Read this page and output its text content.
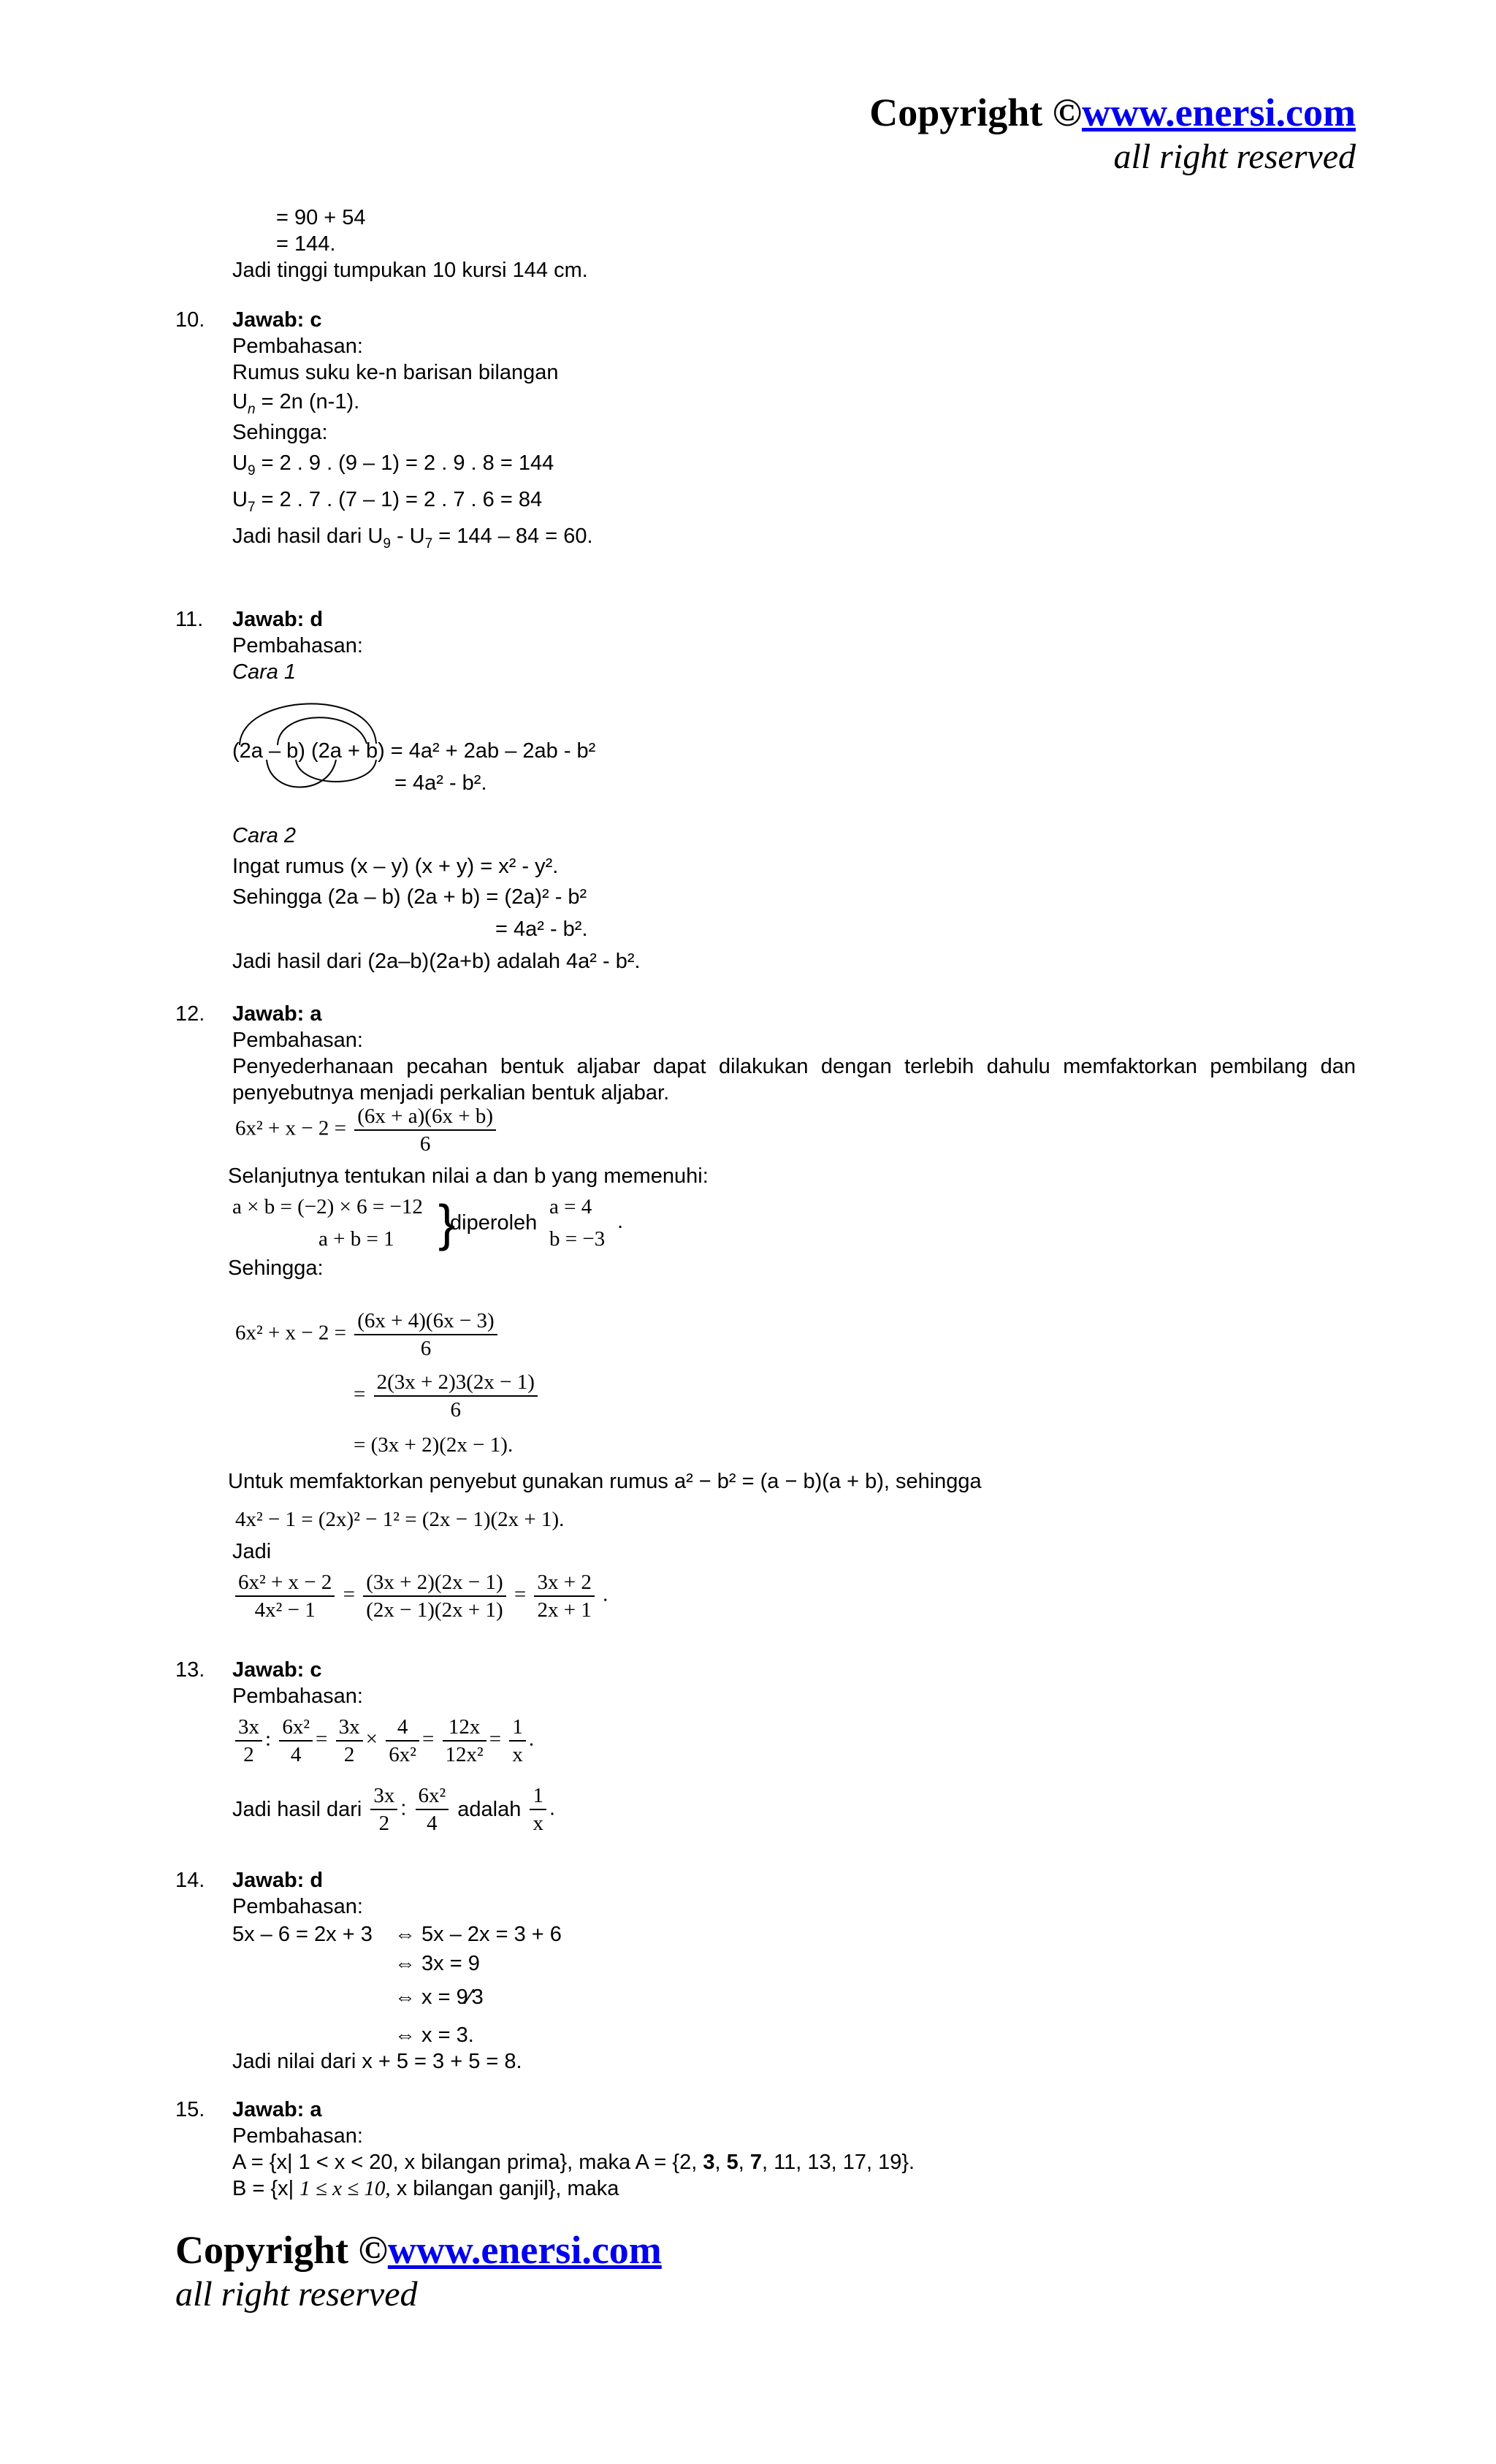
Copyright ©www.enersi.com
all right reserved
= 90 + 54
= 144.
Jadi tinggi tumpukan 10 kursi 144 cm.
10. Jawab: c
Pembahasan:
Rumus suku ke-n barisan bilangan
$U_n = 2n$ (n-1).
Sehingga:
$U_9 = 2$ . 9 . (9 – 1) = 2 . 9 . 8 = 144
$U_7 = 2$ . 7 . (7 – 1) = 2 . 7 . 6 = 84
Jadi hasil dari $U_9 - U_7 = 144 - 84 = 60$.
11. Jawab: d
Pembahasan:
Cara 1
(2a – b) (2a + b) = 4a² + 2ab – 2ab - b²
= 4a² - b².
Cara 2
Ingat rumus (x – y) (x + y) = x² - y².
Sehingga (2a – b) (2a + b) = (2a)² - b²
= 4a² - b².
Jadi hasil dari (2a–b)(2a+b) adalah 4a² - b².
12. Jawab: a
Pembahasan:
Penyederhanaan pecahan bentuk aljabar dapat dilakukan dengan terlebih dahulu memfaktorkan pembilang dan penyebutnya menjadi perkalian bentuk aljabar.
$6x^2 + x - 2 = \frac{(6x + a)(6x + b)}{6}$
Selanjutnya tentukan nilai a dan b yang memenuhi:
a × b = (−2) × 6 = −12
a + b = 1 }
diperoleh
a = 4
b = −3
.
Sehingga:
$6x^2 + x - 2 = \frac{(6x + 4)(6x - 3)}{6}$
= $\frac{2(3x + 2)3(2x - 1)}{6}$
= (3x + 2)(2x − 1).
Untuk memfaktorkan penyebut gunakan rumus a² − b² = (a − b)(a + b), sehingga
4x² − 1 = (2x)² − 1² = (2x − 1)(2x + 1).
Jadi
$\frac{\text{6x² + x − 2}}{\text{4x² − 1}} = \frac{(3x + 2)(2x - 1)}{(2x - 1)(2x + 1)} = \frac{3x + 2}{2x + 1}$ .
13. Jawab: c
Pembahasan:
$\frac{3x}{2}$ : $\frac{\text{6x²}}{4} = \frac{3x}{2} \times \frac{4}{\text{6x²}} = \frac{12x}{\text{12x²}} = \frac{1}{x}$ .
Jadi hasil dari $\frac{3x}{2}$ : $\frac{\text{6x²}}{4}$ adalah $\frac{1}{x}$ .
14. Jawab: d
Pembahasan:
5x – 6 = 2x + 3 ⇔ 5x – 2x = 3 + 6
⇔ 3x = 9
⇔ x = 9⁄3
⇔ x = 3.
Jadi nilai dari x + 5 = 3 + 5 = 8.
15. Jawab: a
Pembahasan:
A = {x| 1 < x < 20, x bilangan prima}, maka A = {2, 3, 5, 7, 11, 13, 17, 19}.
B = {x| 1 ≤ x ≤ 10, x bilangan ganjil}, maka
Copyright ©www.enersi.com
all right reserved
